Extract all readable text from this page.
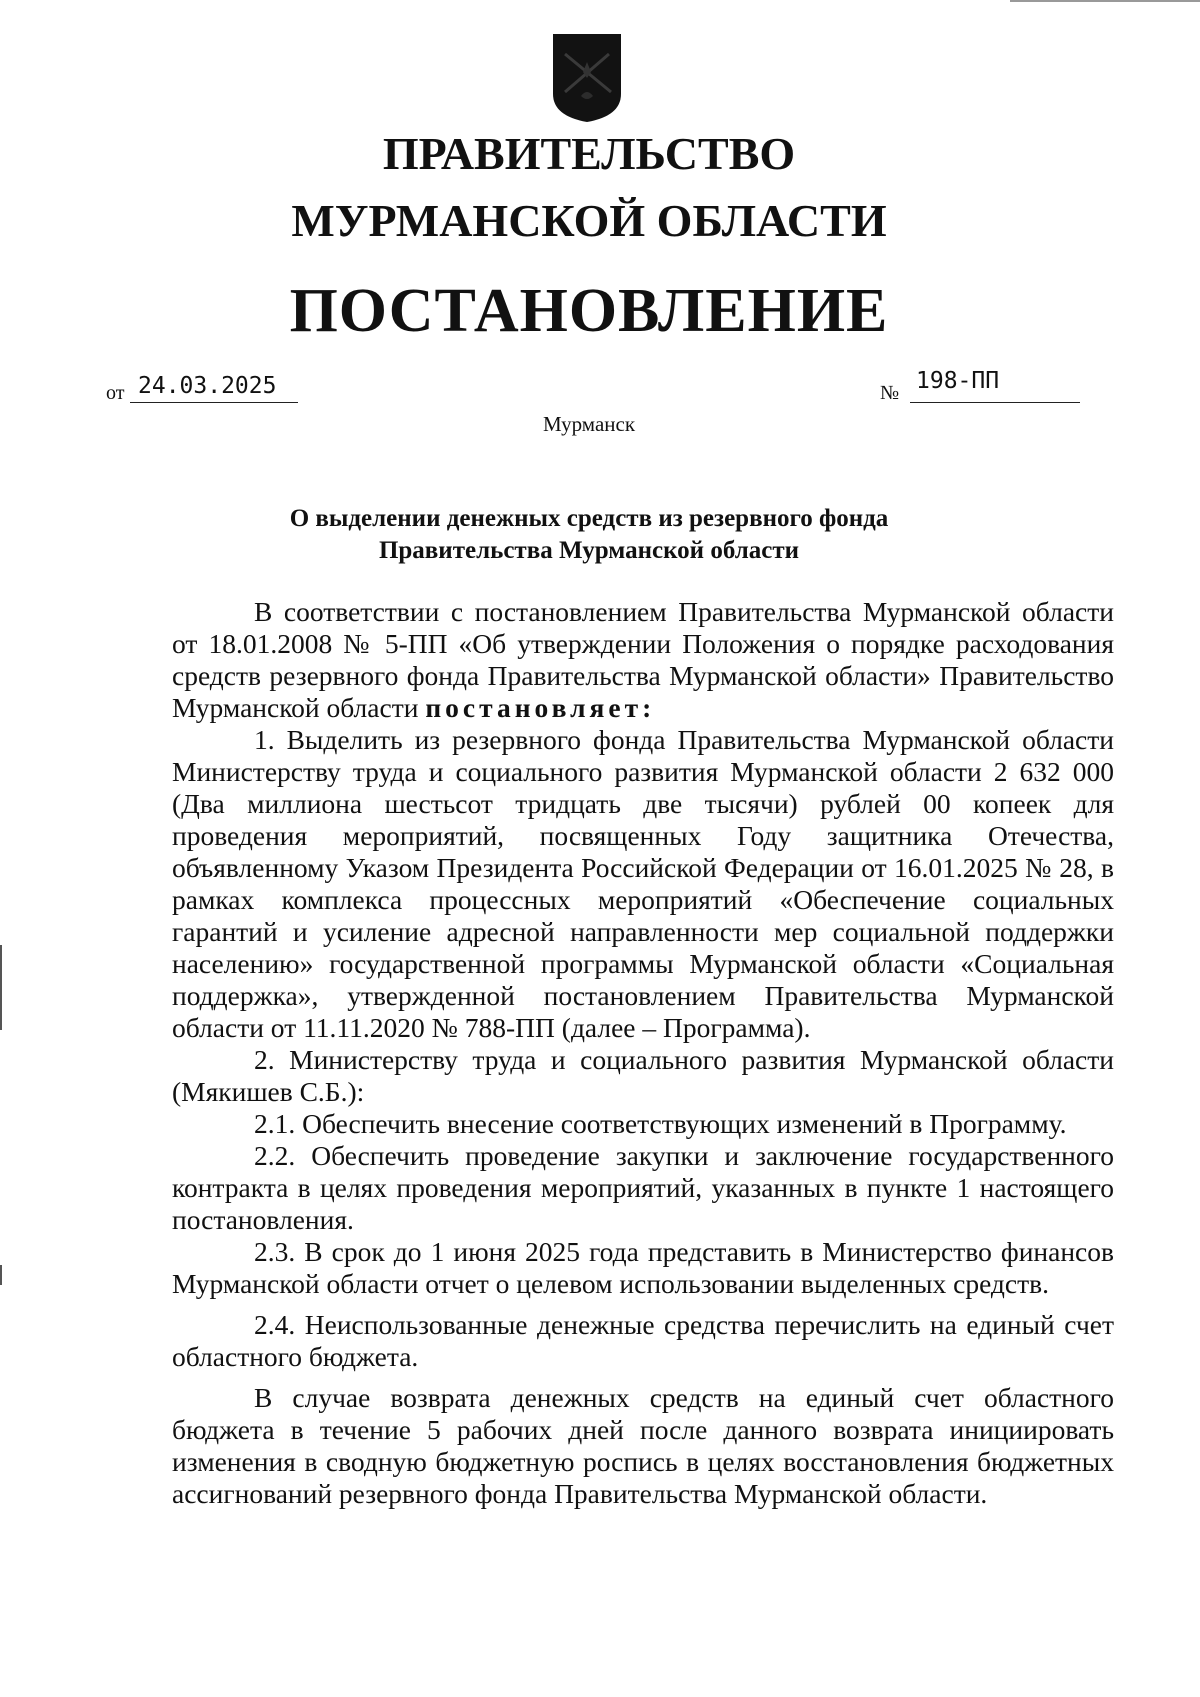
ПРАВИТЕЛЬСТВО
МУРМАНСКОЙ ОБЛАСТИ
ПОСТАНОВЛЕНИЕ
от 24.03.2025	№ 198-ПП
Мурманск
О выделении денежных средств из резервного фонда
Правительства Мурманской области

В соответствии с постановлением Правительства Мурманской области от 18.01.2008 № 5-ПП «Об утверждении Положения о порядке расходования средств резервного фонда Правительства Мурманской области» Правительство Мурманской области постановляет:

1. Выделить из резервного фонда Правительства Мурманской области Министерству труда и социального развития Мурманской области 2 632 000 (Два миллиона шестьсот тридцать две тысячи) рублей 00 копеек для проведения мероприятий, посвященных Году защитника Отечества, объявленному Указом Президента Российской Федерации от 16.01.2025 № 28, в рамках комплекса процессных мероприятий «Обеспечение социальных гарантий и усиление адресной направленности мер социальной поддержки населению» государственной программы Мурманской области «Социальная поддержка», утвержденной постановлением Правительства Мурманской области от 11.11.2020 № 788-ПП (далее – Программа).

2. Министерству труда и социального развития Мурманской области (Мякишев С.Б.):

2.1. Обеспечить внесение соответствующих изменений в Программу.

2.2. Обеспечить проведение закупки и заключение государственного контракта в целях проведения мероприятий, указанных в пункте 1 настоящего постановления.

2.3. В срок до 1 июня 2025 года представить в Министерство финансов Мурманской области отчет о целевом использовании выделенных средств.

2.4. Неиспользованные денежные средства перечислить на единый счет областного бюджета.

В случае возврата денежных средств на единый счет областного бюджета в течение 5 рабочих дней после данного возврата инициировать изменения в сводную бюджетную роспись в целях восстановления бюджетных ассигнований резервного фонда Правительства Мурманской области.
